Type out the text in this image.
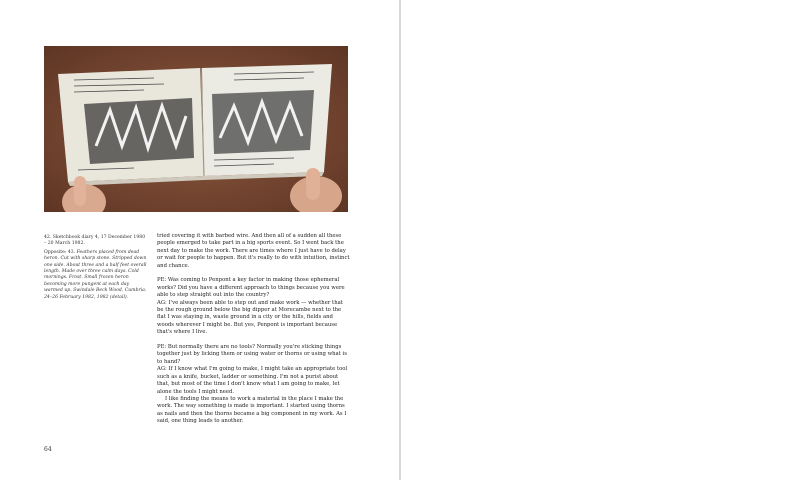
42. Sketchbook diary 4, 17 December 1980 – 20 March 1982.

Opposite: 43. Feathers placed from dead heron. Cut with sharp stone. Stripped down one side. About three and a half feet overall length. Made over three calm days. Cold mornings. Frost. Small frozen heron becoming more pungent at each day warmed up. Swindale Beck Wood, Cumbria. 24–26 February 1982, 1982 (detail).

tried covering it with barbed wire. And then all of a sudden all these people emerged to take part in a big sports event. So I went back the next day to make the work. There are times where I just have to delay or wait for people to happen. But it's really to do with intuition, instinct and chance.

PE: Was coming to Penpont a key factor in making those ephemeral works? Did you have a different approach to things because you were able to step straight out into the country?

AG: I've always been able to step out and make work — whether that be the rough ground below the big dipper at Morecambe next to the flat I was staying in, waste ground in a city or the hills, fields and woods wherever I might be. But yes, Penpont is important because that's where I live.

PE: But normally there are no tools? Normally you're sticking things together just by licking them or using water or thorns or using what is to hand?

AG: If I know what I'm going to make, I might take an appropriate tool such as a knife, bucket, ladder or something. I'm not a purist about that, but most of the time I don't know what I am going to make, let alone the tools I might need.

I like finding the means to work a material in the place I make the work. The way something is made is important. I started using thorns as nails and then the thorns became a big component in my work. As I said, one thing leads to another.

64
